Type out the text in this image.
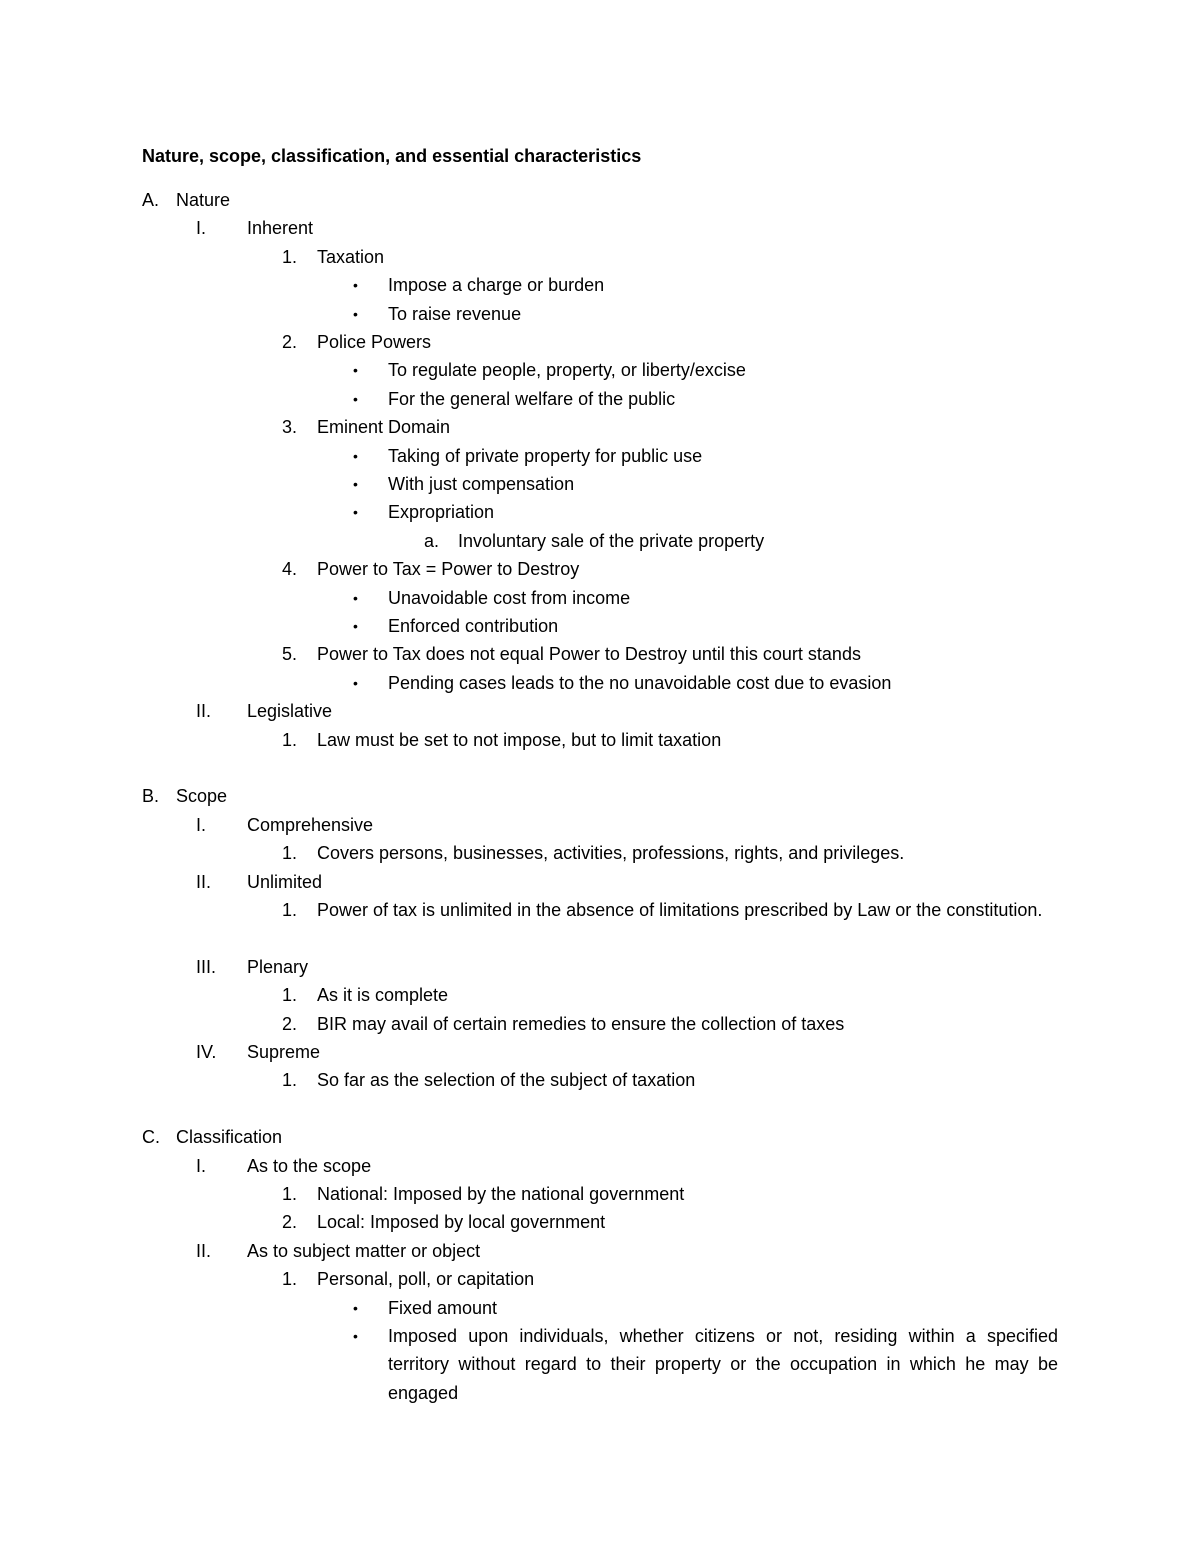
Nature, scope, classification, and essential characteristics
A. Nature
I. Inherent
1. Taxation
• Impose a charge or burden
• To raise revenue
2. Police Powers
• To regulate people, property, or liberty/excise
• For the general welfare of the public
3. Eminent Domain
• Taking of private property for public use
• With just compensation
• Expropriation
a. Involuntary sale of the private property
4. Power to Tax = Power to Destroy
• Unavoidable cost from income
• Enforced contribution
5. Power to Tax does not equal Power to Destroy until this court stands
• Pending cases leads to the no unavoidable cost due to evasion
II. Legislative
1. Law must be set to not impose, but to limit taxation
B. Scope
I. Comprehensive
1. Covers persons, businesses, activities, professions, rights, and privileges.
II. Unlimited
1. Power of tax is unlimited in the absence of limitations prescribed by Law or the constitution.
III. Plenary
1. As it is complete
2. BIR may avail of certain remedies to ensure the collection of taxes
IV. Supreme
1. So far as the selection of the subject of taxation
C. Classification
I. As to the scope
1. National: Imposed by the national government
2. Local: Imposed by local government
II. As to subject matter or object
1. Personal, poll, or capitation
• Fixed amount
• Imposed upon individuals, whether citizens or not, residing within a specified territory without regard to their property or the occupation in which he may be engaged
